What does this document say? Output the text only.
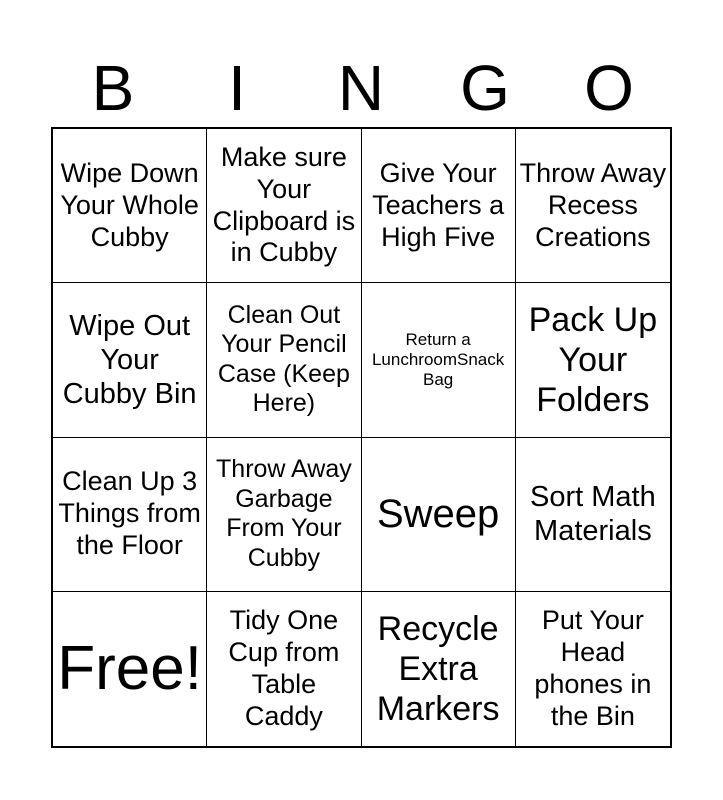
B	I	N	G	O
Wipe Down Your Whole Cubby
Make sure Your Clipboard is in Cubby
Give Your Teachers a High Five
Throw Away Recess Creations
Wipe Out Your Cubby Bin
Clean Out Your Pencil Case (Keep Here)
Return a LunchroomSnack Bag
Pack Up Your Folders
Clean Up 3 Things from the Floor
Throw Away Garbage From Your Cubby
Sweep	Sort Math Materials
Free!
Tidy One Cup from Table Caddy
Recycle Extra Markers
Put Your Head phones in the Bin
